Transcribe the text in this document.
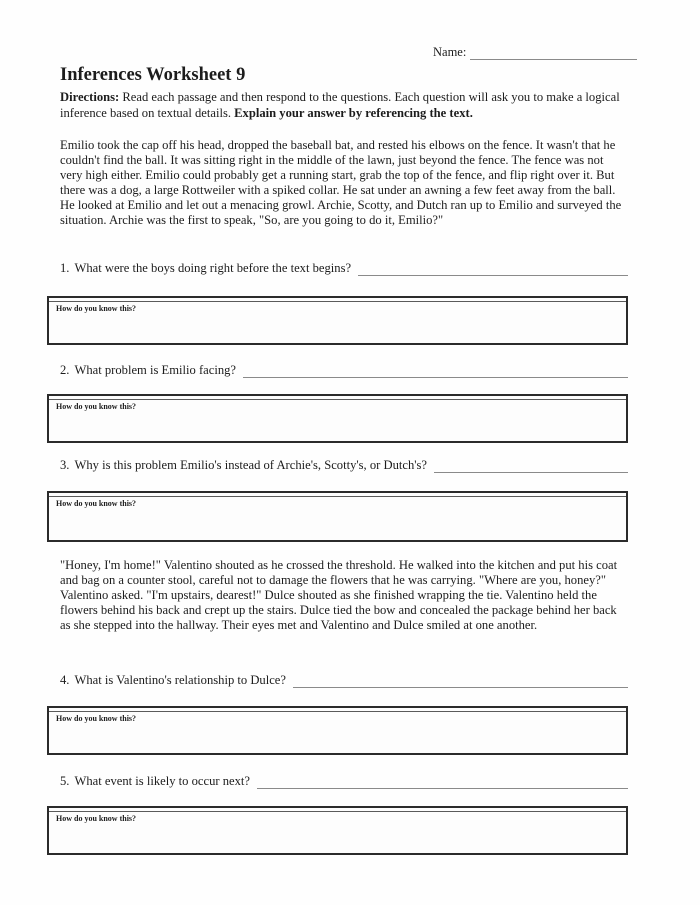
Name:
Inferences Worksheet 9

Directions: Read each passage and then respond to the questions. Each question will ask you to make a logical inference based on textual details. Explain your answer by referencing the text.

Emilio took the cap off his head, dropped the baseball bat, and rested his elbows on the fence. It wasn't that he couldn't find the ball. It was sitting right in the middle of the lawn, just beyond the fence. The fence was not very high either. Emilio could probably get a running start, grab the top of the fence, and flip right over it. But there was a dog, a large Rottweiler with a spiked collar. He sat under an awning a few feet away from the ball. He looked at Emilio and let out a menacing growl. Archie, Scotty, and Dutch ran up to Emilio and surveyed the situation. Archie was the first to speak, "So, are you going to do it, Emilio?"
1. What were the boys doing right before the text begins?
How do you know this?
2. What problem is Emilio facing?
How do you know this?
3. Why is this problem Emilio's instead of Archie's, Scotty's, or Dutch's?
How do you know this?
"Honey, I'm home!" Valentino shouted as he crossed the threshold. He walked into the kitchen and put his coat and bag on a counter stool, careful not to damage the flowers that he was carrying. "Where are you, honey?" Valentino asked. "I'm upstairs, dearest!" Dulce shouted as she finished wrapping the tie. Valentino held the flowers behind his back and crept up the stairs. Dulce tied the bow and concealed the package behind her back as she stepped into the hallway. Their eyes met and Valentino and Dulce smiled at one another.
4. What is Valentino's relationship to Dulce?
How do you know this?
5. What event is likely to occur next?
How do you know this?
